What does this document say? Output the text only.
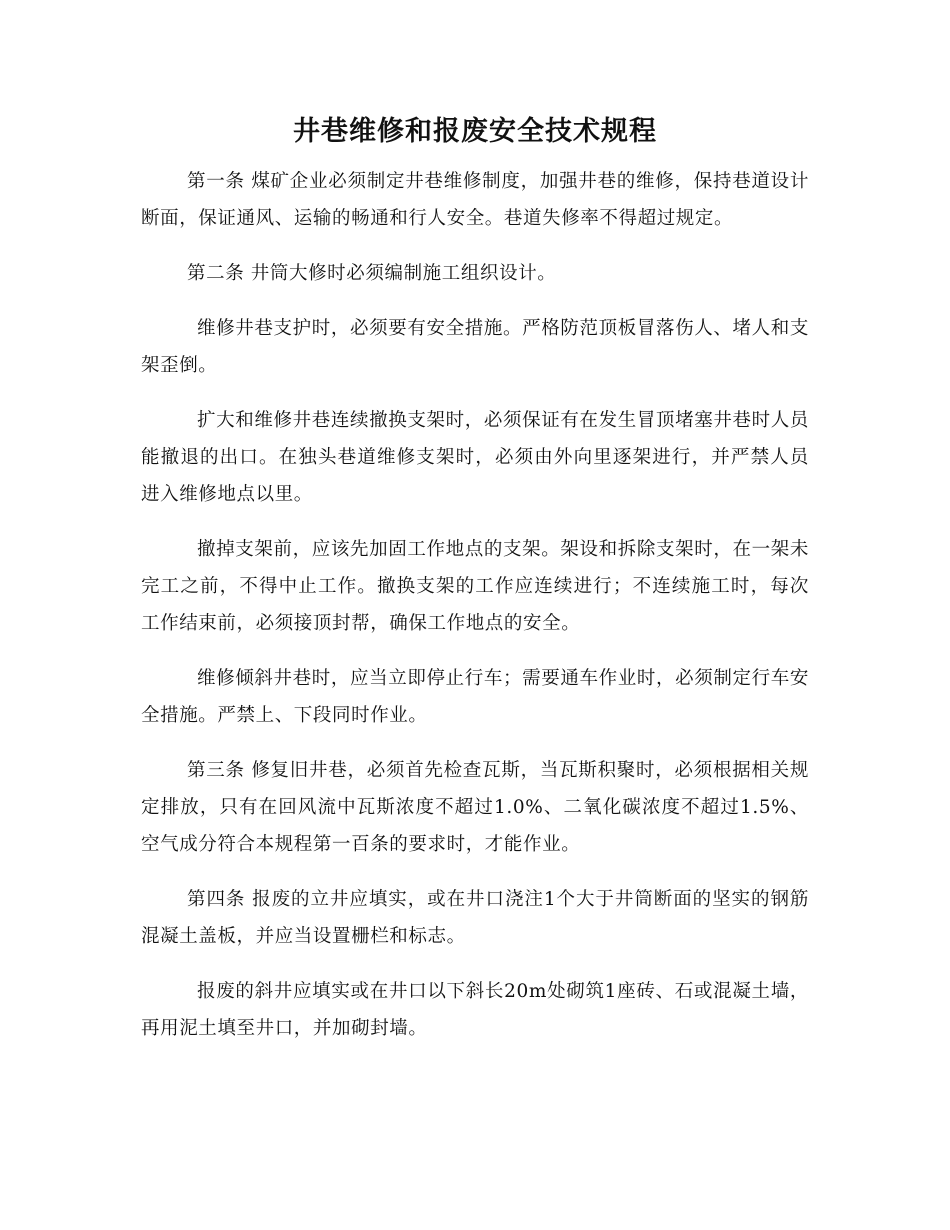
井巷维修和报废安全技术规程

第一条 煤矿企业必须制定井巷维修制度，加强井巷的维修，保持巷道设计断面，保证通风、运输的畅通和行人安全。巷道失修率不得超过规定。

第二条 井筒大修时必须编制施工组织设计。

维修井巷支护时，必须要有安全措施。严格防范顶板冒落伤人、堵人和支架歪倒。

扩大和维修井巷连续撤换支架时，必须保证有在发生冒顶堵塞井巷时人员能撤退的出口。在独头巷道维修支架时，必须由外向里逐架进行，并严禁人员进入维修地点以里。

撤掉支架前，应该先加固工作地点的支架。架设和拆除支架时，在一架未完工之前，不得中止工作。撤换支架的工作应连续进行；不连续施工时，每次工作结束前，必须接顶封帮，确保工作地点的安全。

维修倾斜井巷时，应当立即停止行车；需要通车作业时，必须制定行车安全措施。严禁上、下段同时作业。

第三条 修复旧井巷，必须首先检查瓦斯，当瓦斯积聚时，必须根据相关规定排放，只有在回风流中瓦斯浓度不超过1.0%、二氧化碳浓度不超过1.5%、空气成分符合本规程第一百条的要求时，才能作业。

第四条 报废的立井应填实，或在井口浇注1个大于井筒断面的坚实的钢筋混凝土盖板，并应当设置栅栏和标志。

报废的斜井应填实或在井口以下斜长20m处砌筑1座砖、石或混凝土墙，再用泥土填至井口，并加砌封墙。
